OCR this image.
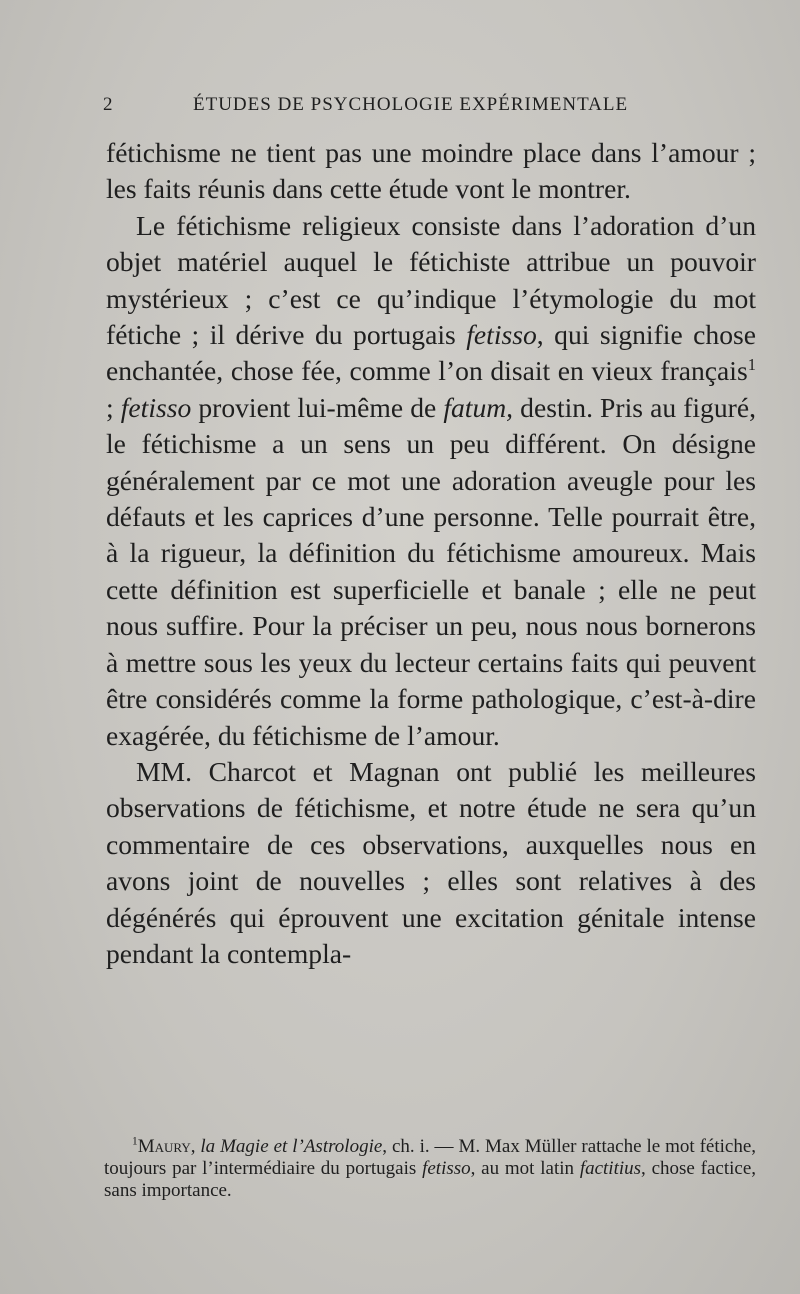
2	ÉTUDES DE PSYCHOLOGIE EXPÉRIMENTALE

fétichisme ne tient pas une moindre place dans l’amour ; les faits réunis dans cette étude vont le montrer.

Le fétichisme religieux consiste dans l’adoration d’un objet matériel auquel le fétichiste attribue un pouvoir mystérieux ; c’est ce qu’indique l’étymologie du mot fétiche ; il dérive du portugais fetisso, qui signifie chose enchantée, chose fée, comme l’on disait en vieux français$^1$ ; fetisso provient lui-même de fatum, destin. Pris au figuré, le fétichisme a un sens un peu différent. On désigne généralement par ce mot une adoration aveugle pour les défauts et les caprices d’une personne. Telle pourrait être, à la rigueur, la définition du fétichisme amoureux. Mais cette définition est superficielle et banale ; elle ne peut nous suffire. Pour la préciser un peu, nous nous bornerons à mettre sous les yeux du lecteur certains faits qui peuvent être considérés comme la forme pathologique, c’est-à-dire exagérée, du fétichisme de l’amour.

MM. Charcot et Magnan ont publié les meilleures observations de fétichisme, et notre étude ne sera qu’un commentaire de ces observations, auxquelles nous en avons joint de nouvelles ; elles sont relatives à des dégénérés qui éprouvent une excitation génitale intense pendant la contempla-

$^1$Maury, la Magie et l’Astrologie, ch. i. — M. Max Müller rattache le mot fétiche, toujours par l’intermédiaire du portugais fetisso, au mot latin factitius, chose factice, sans importance.
